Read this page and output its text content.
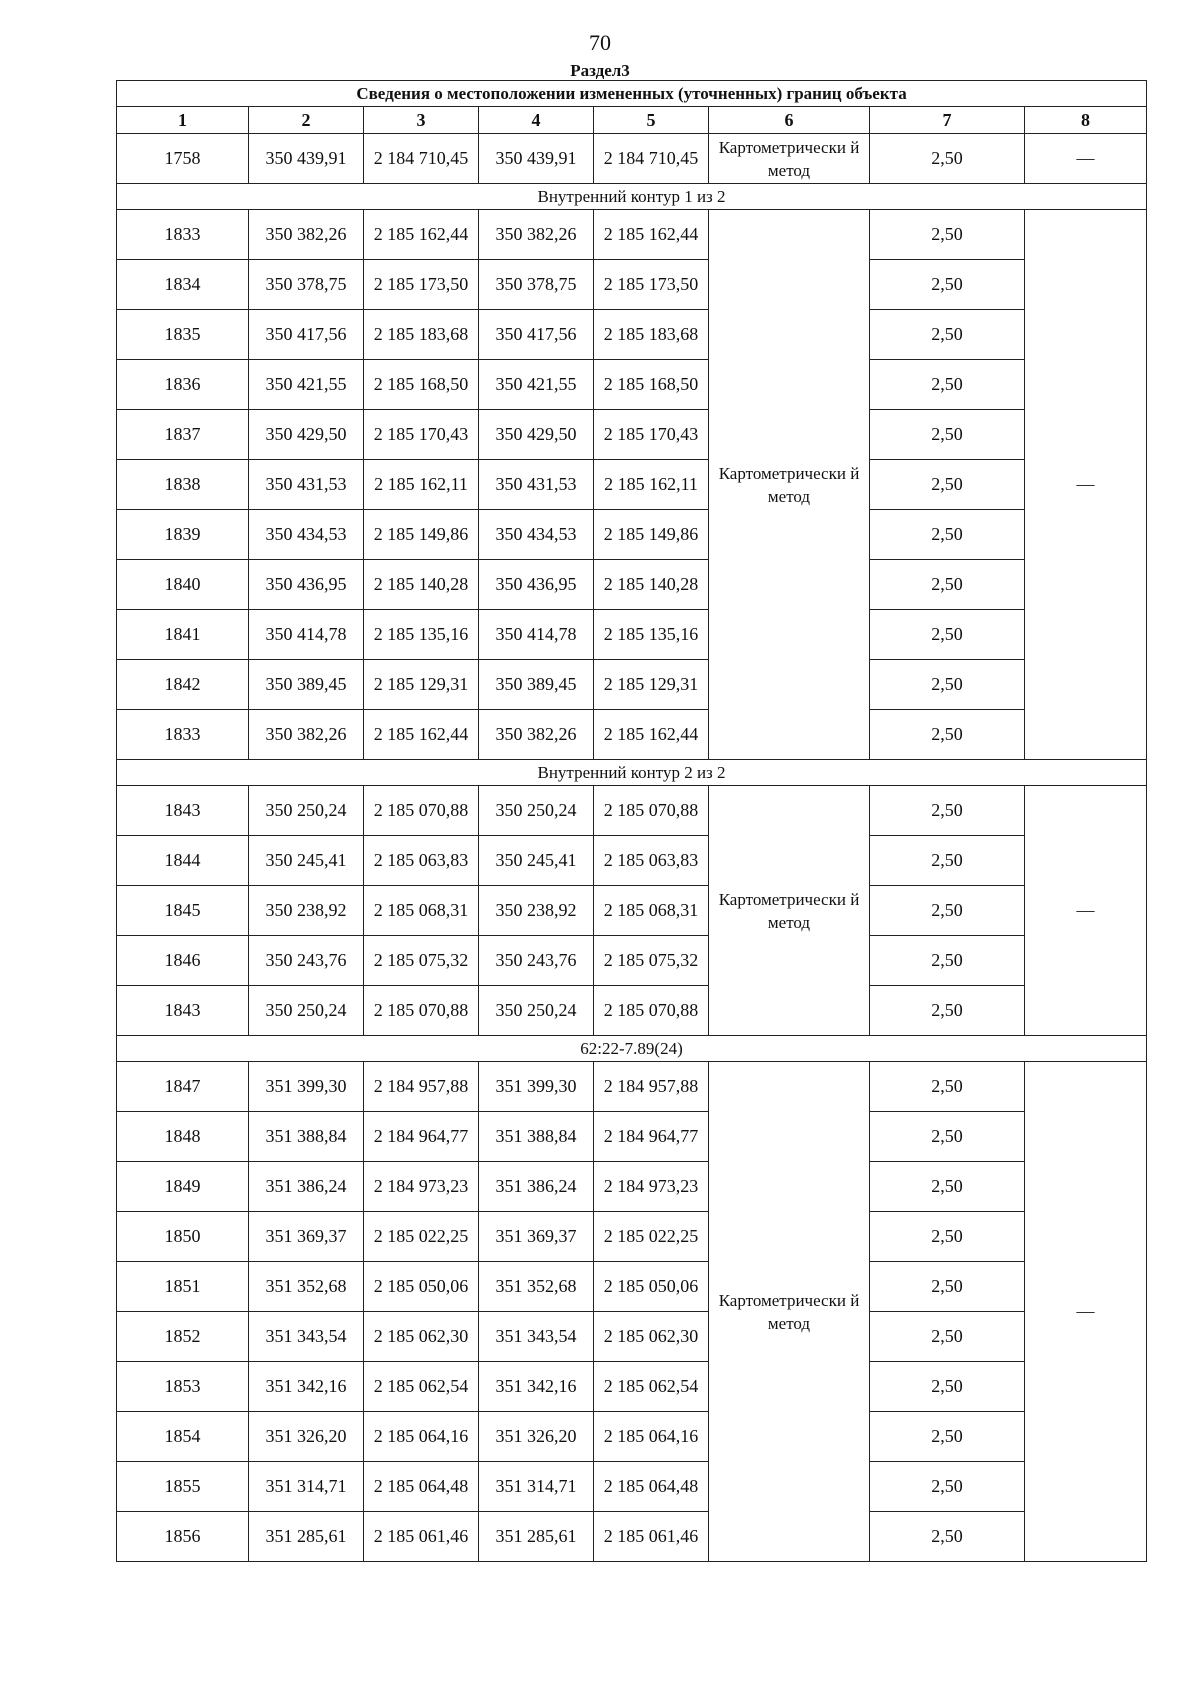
70
Раздел3
Сведения о местоположении измененных (уточненных) границ объекта							
1	2	3	4	5	6	7	8
1758	350 439,91	2 184 710,45	350 439,91	2 184 710,45	Картометрически й метод	2,50	—
Внутренний контур 1 из 2							
1833	350 382,26	2 185 162,44	350 382,26	2 185 162,44	Картометрически й метод	2,50	—
1834	350 378,75	2 185 173,50	350 378,75	2 185 173,50		2,50	
1835	350 417,56	2 185 183,68	350 417,56	2 185 183,68		2,50	
1836	350 421,55	2 185 168,50	350 421,55	2 185 168,50		2,50	
1837	350 429,50	2 185 170,43	350 429,50	2 185 170,43		2,50	
1838	350 431,53	2 185 162,11	350 431,53	2 185 162,11		2,50	
1839	350 434,53	2 185 149,86	350 434,53	2 185 149,86		2,50	
1840	350 436,95	2 185 140,28	350 436,95	2 185 140,28		2,50	
1841	350 414,78	2 185 135,16	350 414,78	2 185 135,16		2,50	
1842	350 389,45	2 185 129,31	350 389,45	2 185 129,31		2,50	
1833	350 382,26	2 185 162,44	350 382,26	2 185 162,44		2,50	
Внутренний контур 2 из 2							
1843	350 250,24	2 185 070,88	350 250,24	2 185 070,88	Картометрически й метод	2,50	—
1844	350 245,41	2 185 063,83	350 245,41	2 185 063,83		2,50	
1845	350 238,92	2 185 068,31	350 238,92	2 185 068,31		2,50	
1846	350 243,76	2 185 075,32	350 243,76	2 185 075,32		2,50	
1843	350 250,24	2 185 070,88	350 250,24	2 185 070,88		2,50	
62:22-7.89(24)							
1847	351 399,30	2 184 957,88	351 399,30	2 184 957,88	Картометрически й метод	2,50	—
1848	351 388,84	2 184 964,77	351 388,84	2 184 964,77		2,50	
1849	351 386,24	2 184 973,23	351 386,24	2 184 973,23		2,50	
1850	351 369,37	2 185 022,25	351 369,37	2 185 022,25		2,50	
1851	351 352,68	2 185 050,06	351 352,68	2 185 050,06		2,50	
1852	351 343,54	2 185 062,30	351 343,54	2 185 062,30		2,50	
1853	351 342,16	2 185 062,54	351 342,16	2 185 062,54		2,50	
1854	351 326,20	2 185 064,16	351 326,20	2 185 064,16		2,50	
1855	351 314,71	2 185 064,48	351 314,71	2 185 064,48		2,50	
1856	351 285,61	2 185 061,46	351 285,61	2 185 061,46		2,50	
